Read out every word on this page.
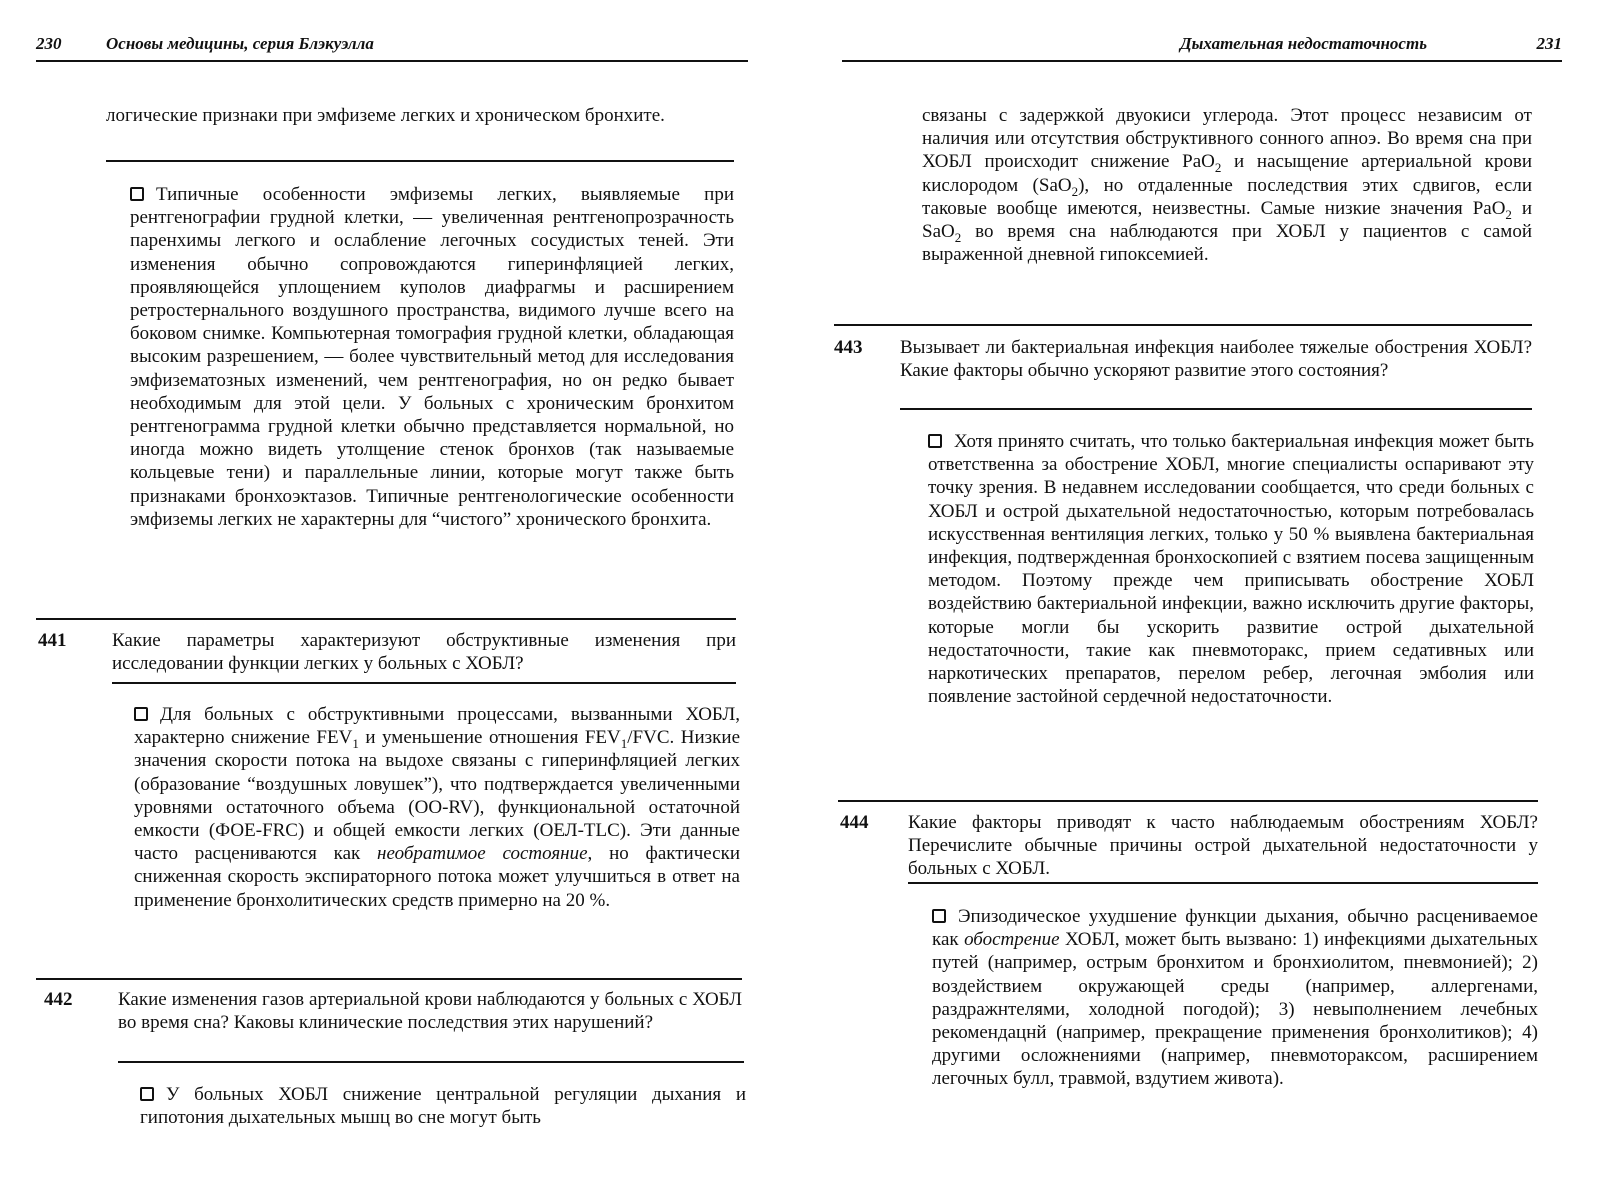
230	Основы медицины, серия Блэкуэлла
логические признаки при эмфиземе легких и хроническом бронхите.
Типичные особенности эмфиземы легких, выявляемые при рентгенографии грудной клетки, — увеличенная рентгенопрозрачность паренхимы легкого и ослабление легочных сосудистых теней. Эти изменения обычно сопровождаются гиперинфляцией легких, проявляющейся уплощением куполов диафрагмы и расширением ретростернального воздушного пространства, видимого лучше всего на боковом снимке. Компьютерная томография грудной клетки, обладающая высоким разрешением, — более чувствительный метод для исследования эмфизематозных изменений, чем рентгенография, но он редко бывает необходимым для этой цели. У больных с хроническим бронхитом рентгенограмма грудной клетки обычно представляется нормальной, но иногда можно видеть утолщение стенок бронхов (так называемые кольцевые тени) и параллельные линии, которые могут также быть признаками бронхоэктазов. Типичные рентгенологические особенности эмфиземы легких не характерны для “чистого” хронического бронхита.
441 Какие параметры характеризуют обструктивные изменения при исследовании функции легких у больных с ХОБЛ?
Для больных с обструктивными процессами, вызванными ХОБЛ, характерно снижение $FEV_1$ и уменьшение отношения $FEV_1$/FVC. Низкие значения скорости потока на выдохе связаны с гиперинфляцией легких (образование “воздушных ловушек”), что подтверждается увеличенными уровнями остаточного объема (ОО-RV), функциональной остаточной емкости (ФОЕ-FRC) и общей емкости легких (ОЕЛ-TLC). Эти данные часто расцениваются как необратимое состояние, но фактически сниженная скорость экспираторного потока может улучшиться в ответ на применение бронхолитических средств примерно на 20 %.
442 Какие изменения газов артериальной крови наблюдаются у больных с ХОБЛ во время сна? Каковы клинические последствия этих нарушений?
У больных ХОБЛ снижение центральной регуляции дыхания и гипотония дыхательных мышц во сне могут быть
Дыхательная недостаточность	231
связаны с задержкой двуокиси углерода. Этот процесс независим от наличия или отсутствия обструктивного сонного апноэ. Во время сна при ХОБЛ происходит снижение PaO$_2$ и насыщение артериальной крови кислородом (SaO$_2$), но отдаленные последствия этих сдвигов, если таковые вообще имеются, неизвестны. Самые низкие значения PaO$_2$ и SaO$_2$ во время сна наблюдаются при ХОБЛ у пациентов с самой выраженной дневной гипоксемией.
443 Вызывает ли бактериальная инфекция наиболее тяжелые обострения ХОБЛ? Какие факторы обычно ускоряют развитие этого состояния?
Хотя принято считать, что только бактериальная инфекция может быть ответственна за обострение ХОБЛ, многие специалисты оспаривают эту точку зрения. В недавнем исследовании сообщается, что среди больных с ХОБЛ и острой дыхательной недостаточностью, которым потребовалась искусственная вентиляция легких, только у 50 % выявлена бактериальная инфекция, подтвержденная бронхоскопией с взятием посева защищенным методом. Поэтому прежде чем приписывать обострение ХОБЛ воздействию бактериальной инфекции, важно исключить другие факторы, которые могли бы ускорить развитие острой дыхательной недостаточности, такие как пневмоторакс, прием седативных или наркотических препаратов, перелом ребер, легочная эмболия или появление застойной сердечной недостаточности.
444 Какие факторы приводят к часто наблюдаемым обострениям ХОБЛ? Перечислите обычные причины острой дыхательной недостаточности у больных с ХОБЛ.
Эпизодическое ухудшение функции дыхания, обычно расцениваемое как обострение ХОБЛ, может быть вызвано: 1) инфекциями дыхательных путей (например, острым бронхитом и бронхиолитом, пневмонией); 2) воздействием окружающей среды (например, аллергенами, раздражнтелями, холодной погодой); 3) невыполнением лечебных рекомендацнй (например, прекращение применения бронхолитиков); 4) другими осложнениями (например, пневмотораксом, расширением легочных булл, травмой, вздутием живота).
